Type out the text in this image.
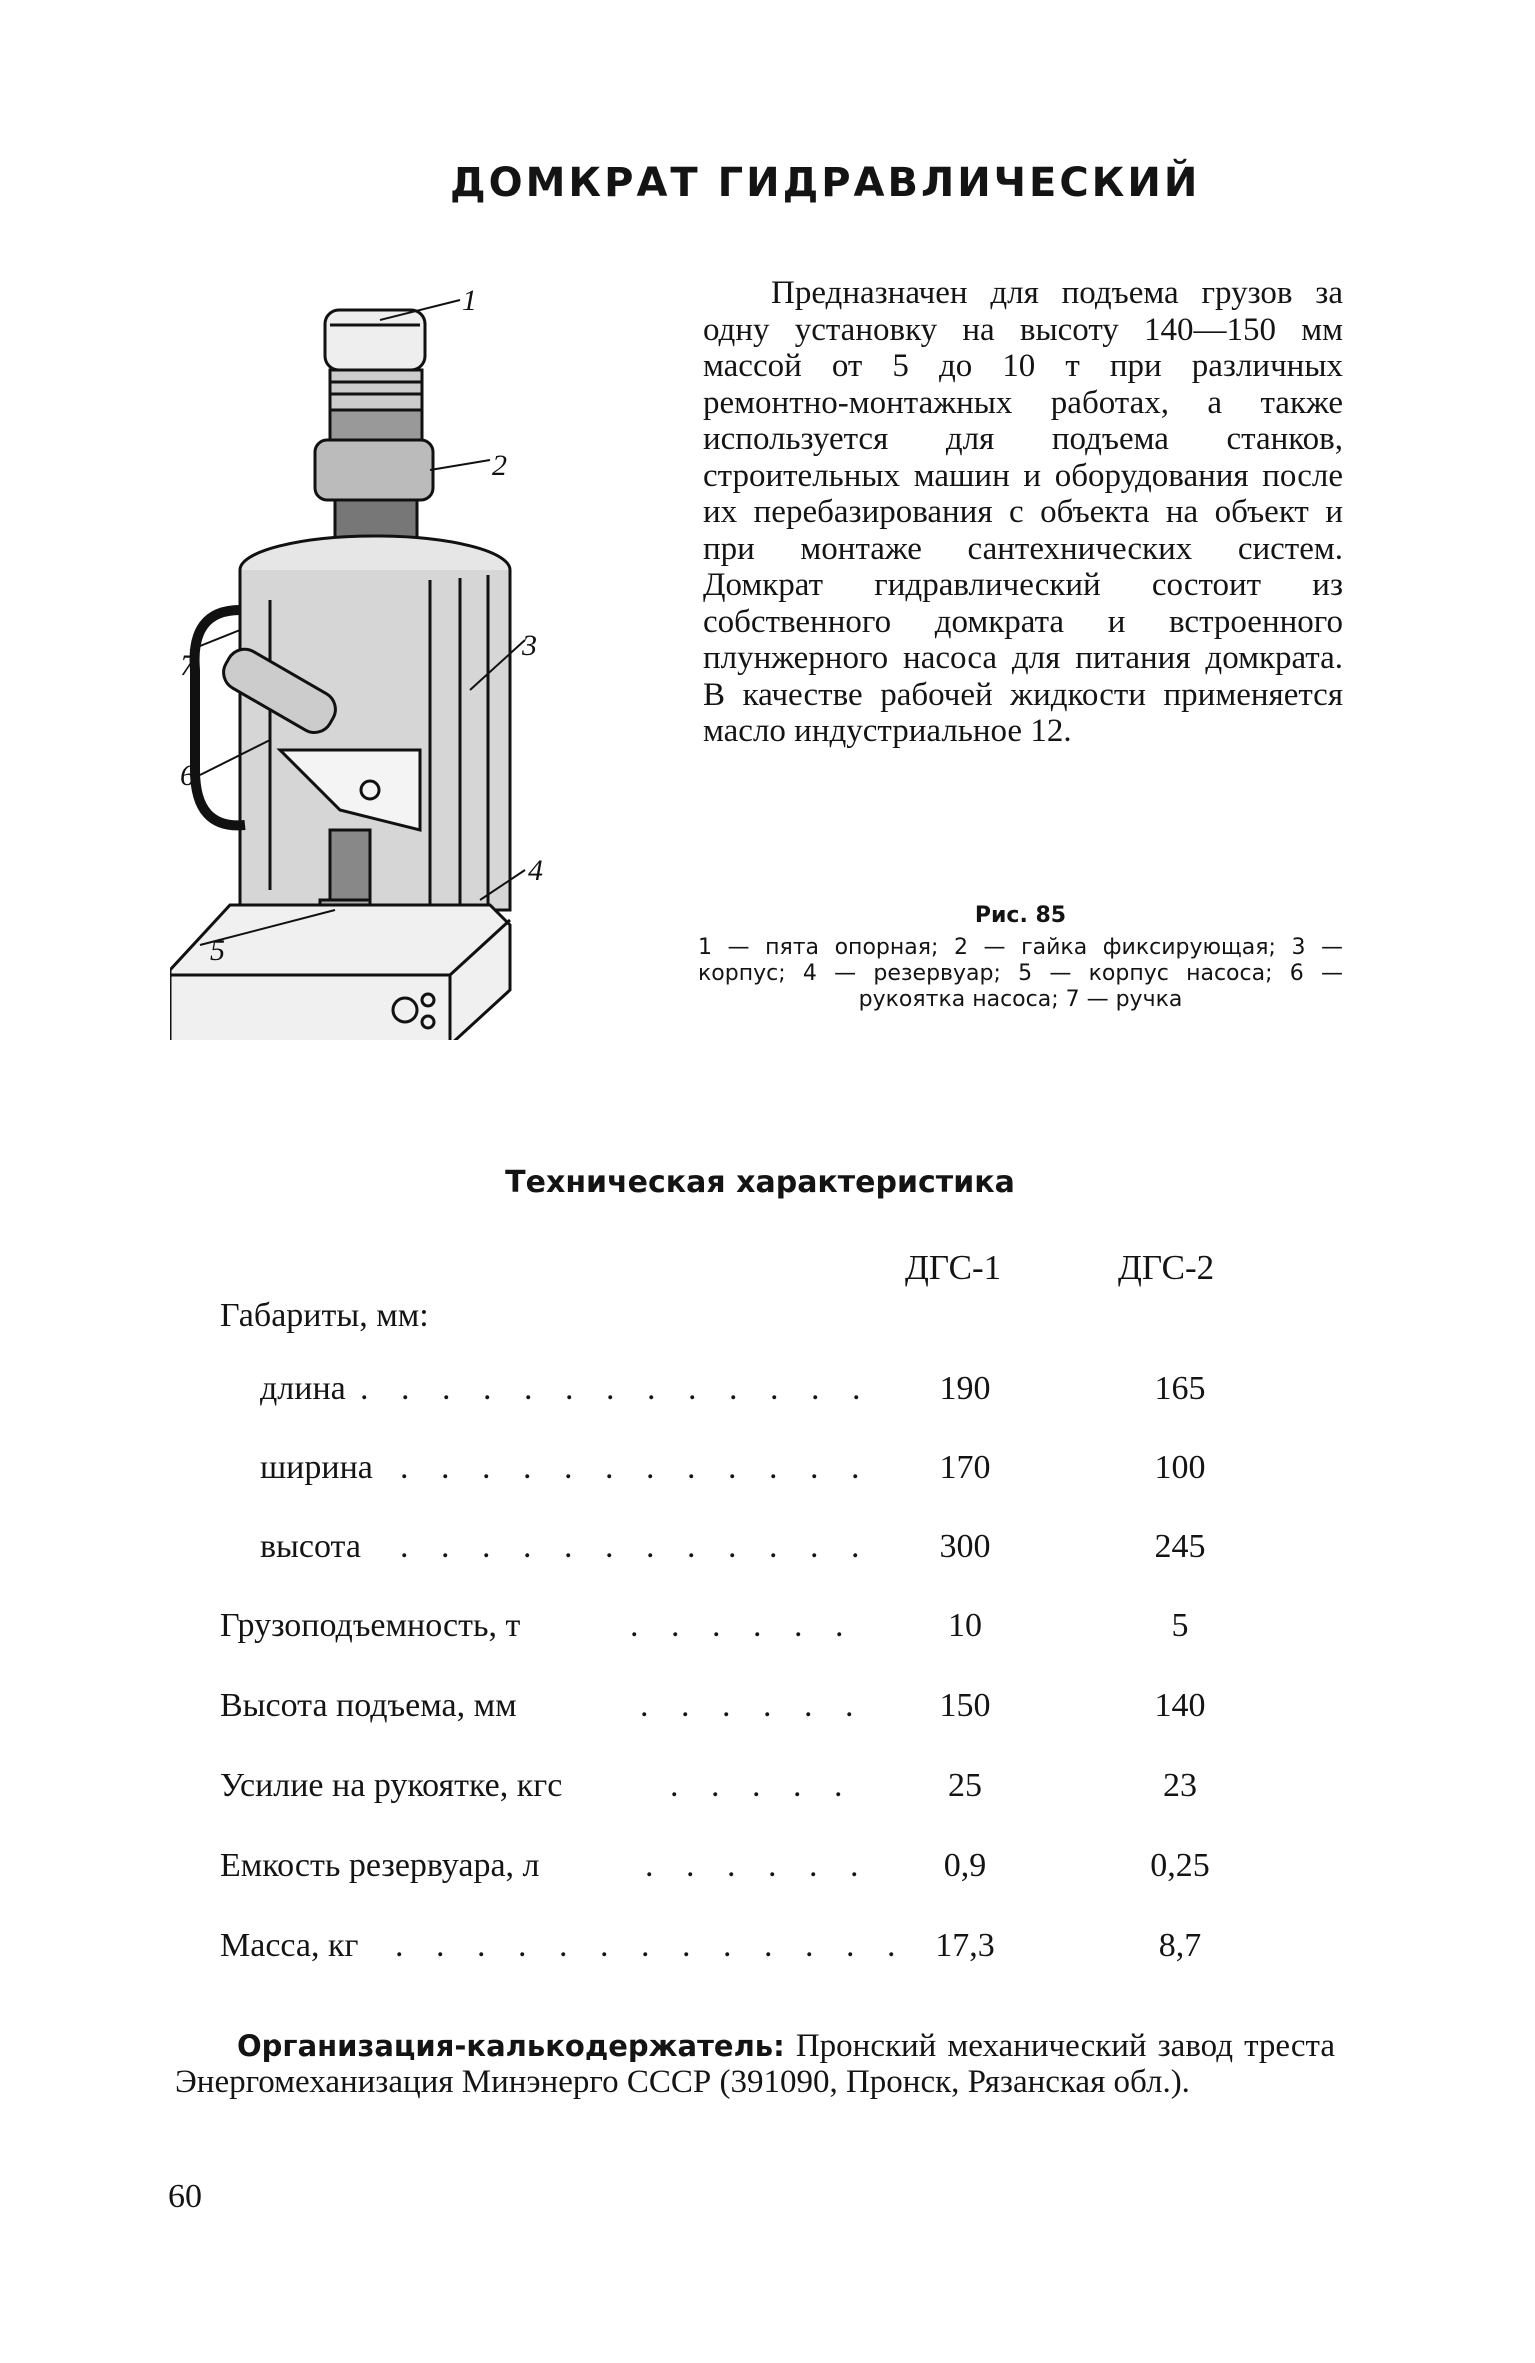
ДОМКРАТ ГИДРАВЛИЧЕСКИЙ
1
2
3
4
5
6
7

Предназначен для подъема грузов за одну установку на высоту 140—150 мм массой от 5 до 10 т при различных ремонтно-монтажных работах, а также используется для подъема станков, строительных машин и оборудования после их перебазирования с объекта на объект и при монтаже сантехнических систем. Домкрат гидравлический состоит из собственного домкрата и встроенного плунжерного насоса для питания домкрата. В качестве рабочей жидкости применяется масло индустриальное 12.

Рис. 85
1 — пята опорная; 2 — гайка фиксирующая; 3 — корпус; 4 — резервуар; 5 — корпус насоса; 6 — рукоятка насоса; 7 — ручка
Техническая характеристика
ДГС-1	ДГС-2
Габариты, мм:
длина . . . . . . . . . . . . .	190	165
ширина . . . . . . . . . . . .	170	100
высота . . . . . . . . . . . .	300	245
Грузоподъемность, т	. . . . . .	10	5
Высота подъема, мм	. . . . . .	150	140
Усилие на рукоятке, кгс	. . . . .	25	23
Емкость резервуара, л	. . . . . .	0,9	0,25
Масса, кг . . . . . . . . . . . . . 17,3	8,7

Организация-калькодержатель: Пронский механический завод треста Энергомеханизация Минэнерго СССР (391090, Пронск, Рязанская обл.).

60
